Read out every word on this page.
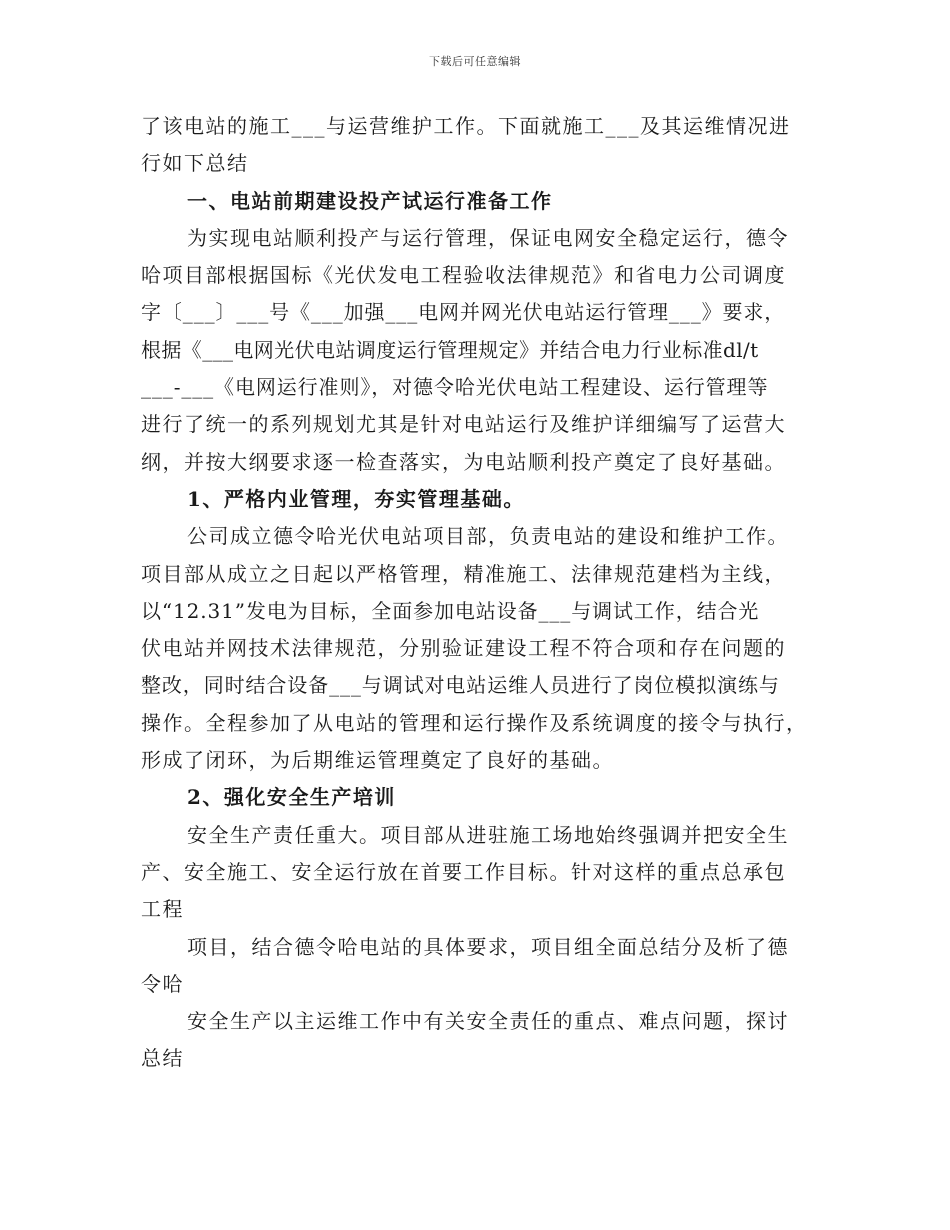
下载后可任意编辑
了该电站的施工___与运营维护工作。下面就施工___及其运维情况进
行如下总结
一、电站前期建设投产试运行准备工作
为实现电站顺利投产与运行管理，保证电网安全稳定运行，德令
哈项目部根据国标《光伏发电工程验收法律规范》和省电力公司调度
字〔___〕___号《___加强___电网并网光伏电站运行管理___》要求，
根据《___电网光伏电站调度运行管理规定》并结合电力行业标准dl/t
___-___《电网运行准则》，对德令哈光伏电站工程建设、运行管理等
进行了统一的系列规划尤其是针对电站运行及维护详细编写了运营大
纲，并按大纲要求逐一检查落实，为电站顺利投产奠定了良好基础。
1、严格内业管理，夯实管理基础。
公司成立德令哈光伏电站项目部，负责电站的建设和维护工作。
项目部从成立之日起以严格管理，精准施工、法律规范建档为主线，
以“12.31”发电为目标，全面参加电站设备___与调试工作，结合光
伏电站并网技术法律规范，分别验证建设工程不符合项和存在问题的
整改，同时结合设备___与调试对电站运维人员进行了岗位模拟演练与
操作。全程参加了从电站的管理和运行操作及系统调度的接令与执行，
形成了闭环，为后期维运管理奠定了良好的基础。
2、强化安全生产培训
安全生产责任重大。项目部从进驻施工场地始终强调并把安全生
产、安全施工、安全运行放在首要工作目标。针对这样的重点总承包
工程
项目，结合德令哈电站的具体要求，项目组全面总结分及析了德
令哈
安全生产以主运维工作中有关安全责任的重点、难点问题，探讨
总结
